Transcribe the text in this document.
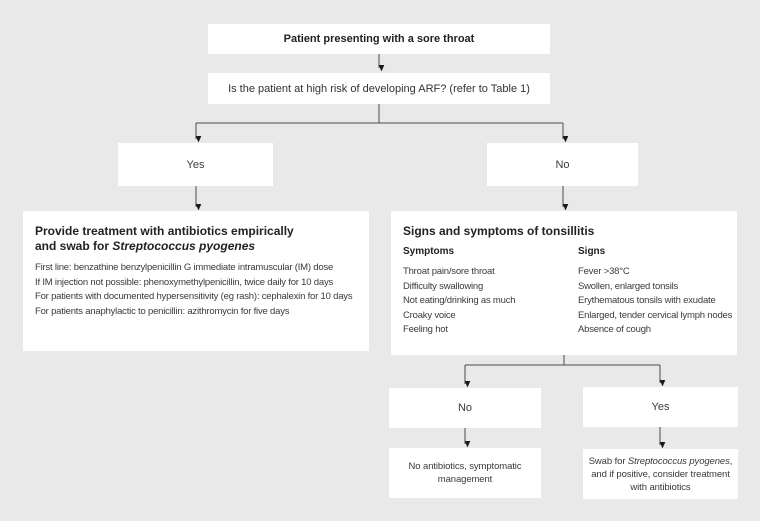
Patient presenting with a sore throat
Is the patient at high risk of developing ARF? (refer to Table 1)
Yes	No
Provide treatment with antibiotics empirically
and swab for Streptococcus pyogenes
First line: benzathine benzylpenicillin G immediate intramuscular (IM) dose
If IM injection not possible: phenoxymethylpenicillin, twice daily for 10 days
For patients with documented hypersensitivity (eg rash): cephalexin for 10 days
For patients anaphylactic to penicillin: azithromycin for five days
Signs and symptoms of tonsillitis
Symptoms
Throat pain/sore throat
Difficulty swallowing
Not eating/drinking as much
Croaky voice
Feeling hot
Signs
Fever >38°C
Swollen, enlarged tonsils
Erythematous tonsils with exudate
Enlarged, tender cervical lymph nodes
Absence of cough
No	Yes
No antibiotics, symptomatic management
Swab for Streptococcus pyogenes, and if positive, consider treatment with antibiotics
